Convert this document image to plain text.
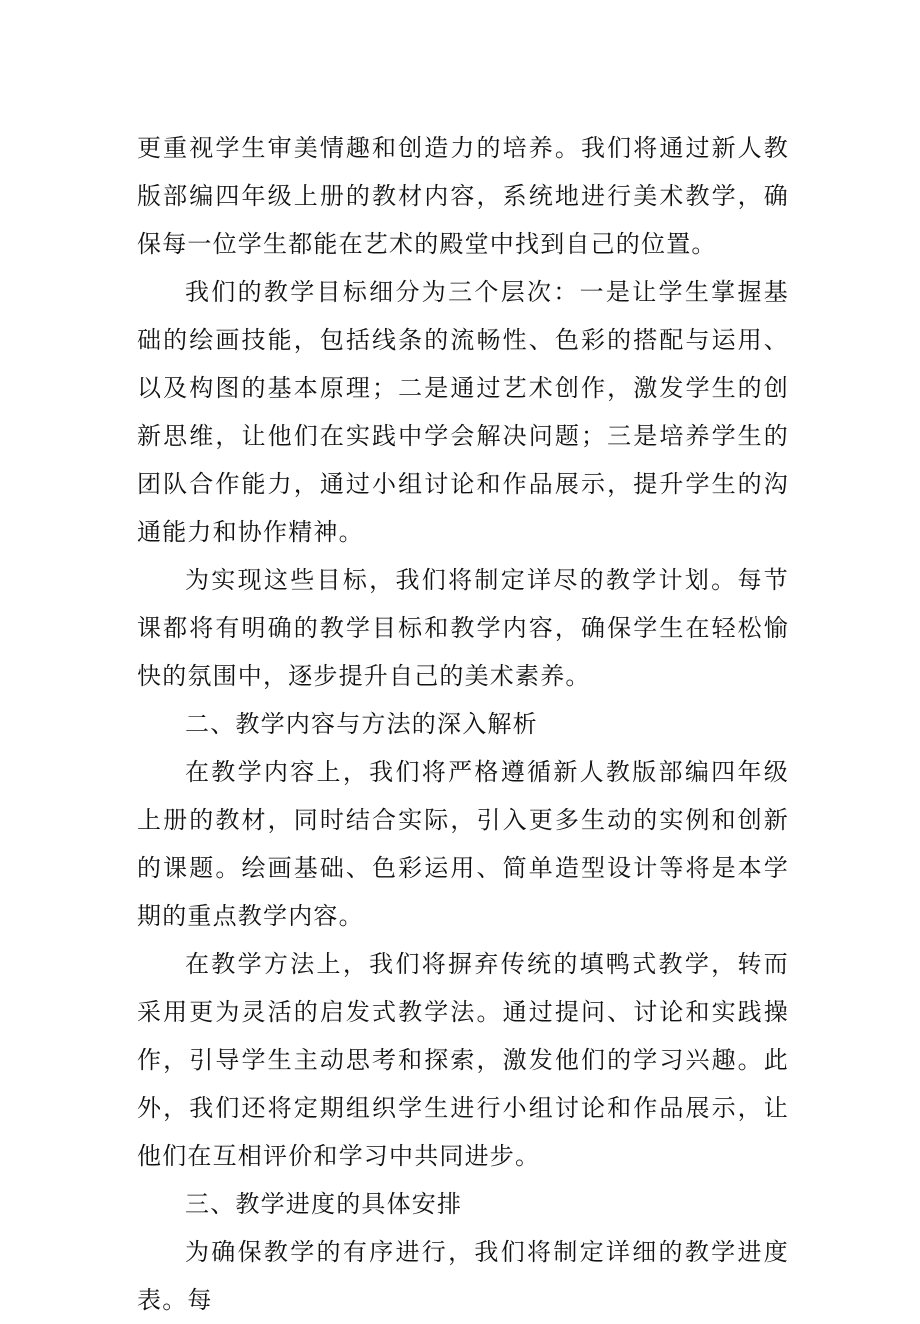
更重视学生审美情趣和创造力的培养。我们将通过新人教版部编四年级上册的教材内容，系统地进行美术教学，确保每一位学生都能在艺术的殿堂中找到自己的位置。

我们的教学目标细分为三个层次：一是让学生掌握基础的绘画技能，包括线条的流畅性、色彩的搭配与运用、以及构图的基本原理；二是通过艺术创作，激发学生的创新思维，让他们在实践中学会解决问题；三是培养学生的团队合作能力，通过小组讨论和作品展示，提升学生的沟通能力和协作精神。

为实现这些目标，我们将制定详尽的教学计划。每节课都将有明确的教学目标和教学内容，确保学生在轻松愉快的氛围中，逐步提升自己的美术素养。

二、教学内容与方法的深入解析

在教学内容上，我们将严格遵循新人教版部编四年级上册的教材，同时结合实际，引入更多生动的实例和创新的课题。绘画基础、色彩运用、简单造型设计等将是本学期的重点教学内容。

在教学方法上，我们将摒弃传统的填鸭式教学，转而采用更为灵活的启发式教学法。通过提问、讨论和实践操作，引导学生主动思考和探索，激发他们的学习兴趣。此外，我们还将定期组织学生进行小组讨论和作品展示，让他们在互相评价和学习中共同进步。

三、教学进度的具体安排

为确保教学的有序进行，我们将制定详细的教学进度表。每
